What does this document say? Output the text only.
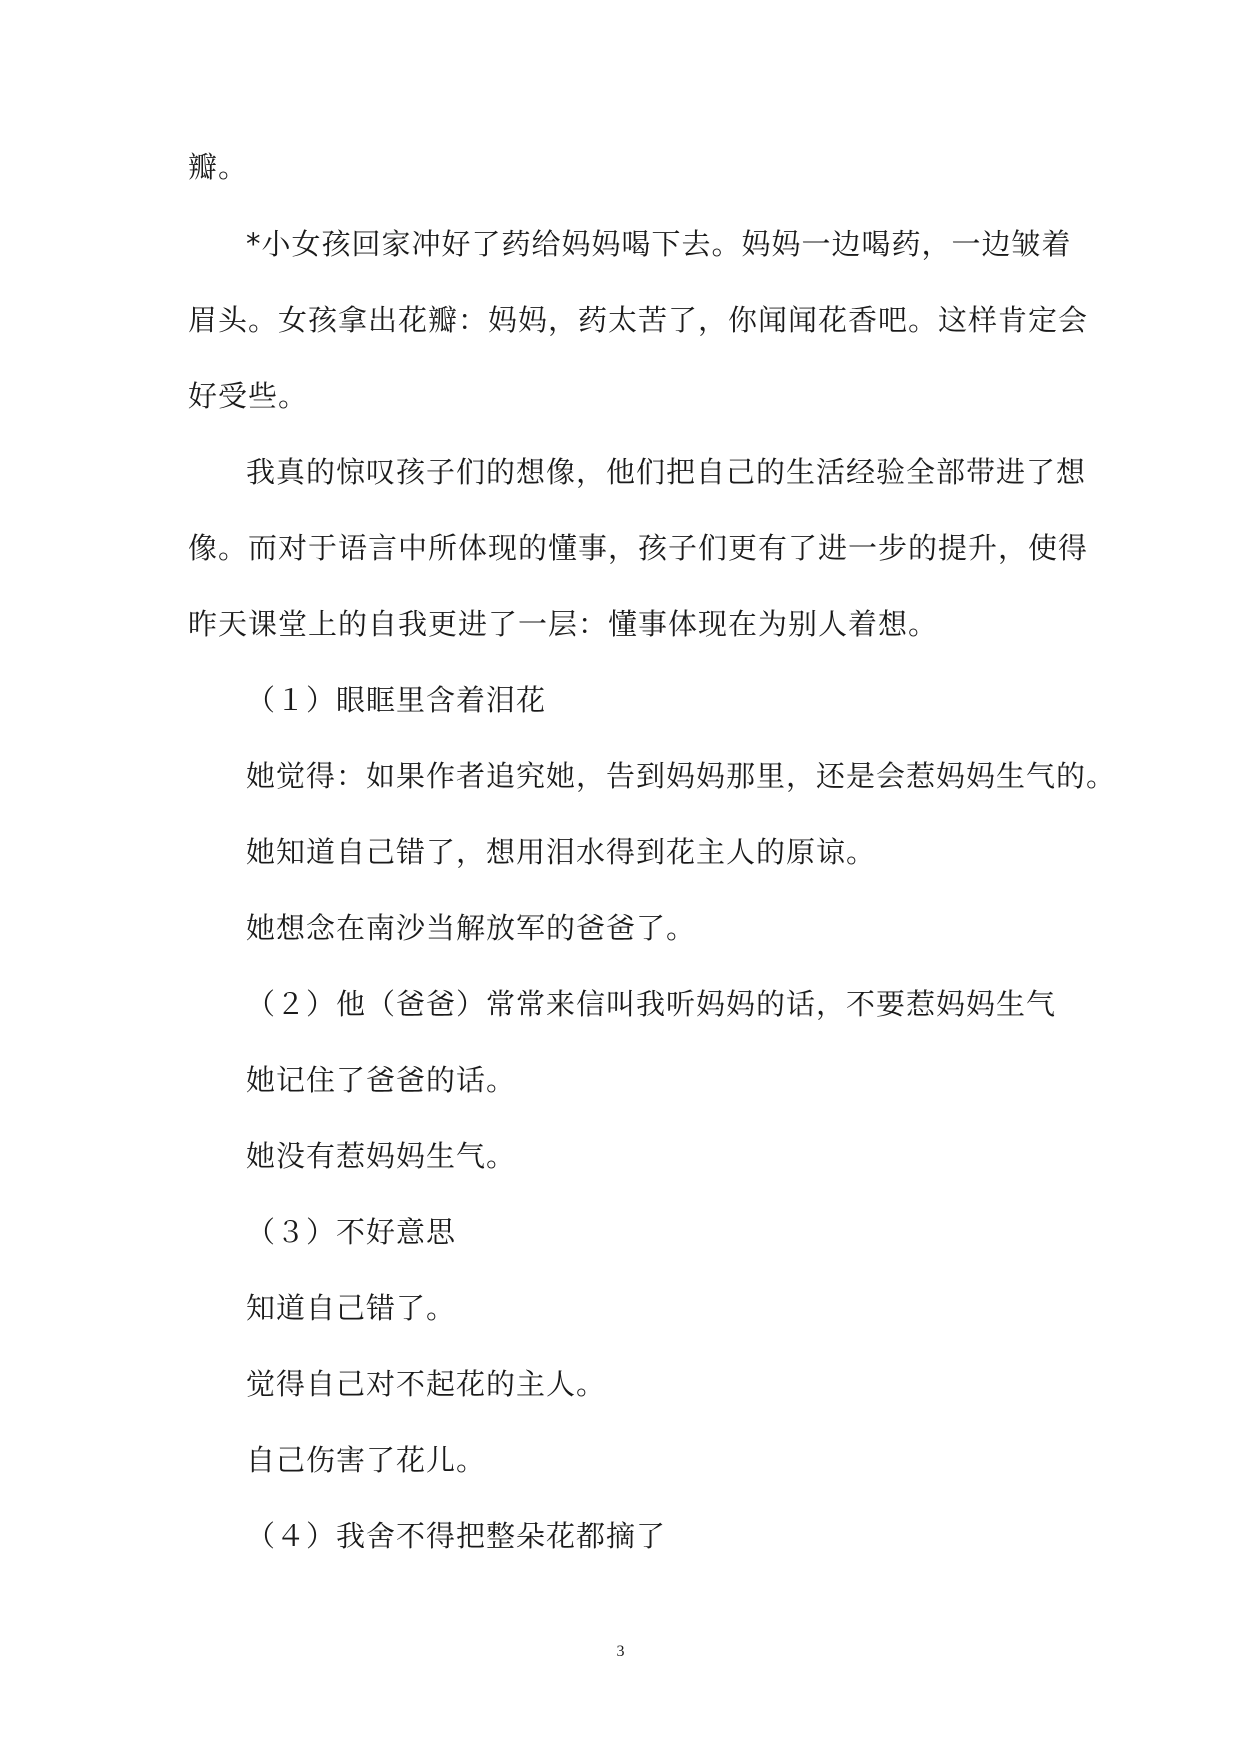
瓣。
*小女孩回家冲好了药给妈妈喝下去。妈妈一边喝药，一边皱着
眉头。女孩拿出花瓣：妈妈，药太苦了，你闻闻花香吧。这样肯定会
好受些。
我真的惊叹孩子们的想像，他们把自己的生活经验全部带进了想
像。而对于语言中所体现的懂事，孩子们更有了进一步的提升，使得
昨天课堂上的自我更进了一层：懂事体现在为别人着想。
（１）眼眶里含着泪花
她觉得：如果作者追究她，告到妈妈那里，还是会惹妈妈生气的。
她知道自己错了，想用泪水得到花主人的原谅。
她想念在南沙当解放军的爸爸了。
（２）他（爸爸）常常来信叫我听妈妈的话，不要惹妈妈生气
她记住了爸爸的话。
她没有惹妈妈生气。
（３）不好意思
知道自己错了。
觉得自己对不起花的主人。
自己伤害了花儿。
（４）我舍不得把整朵花都摘了
3
